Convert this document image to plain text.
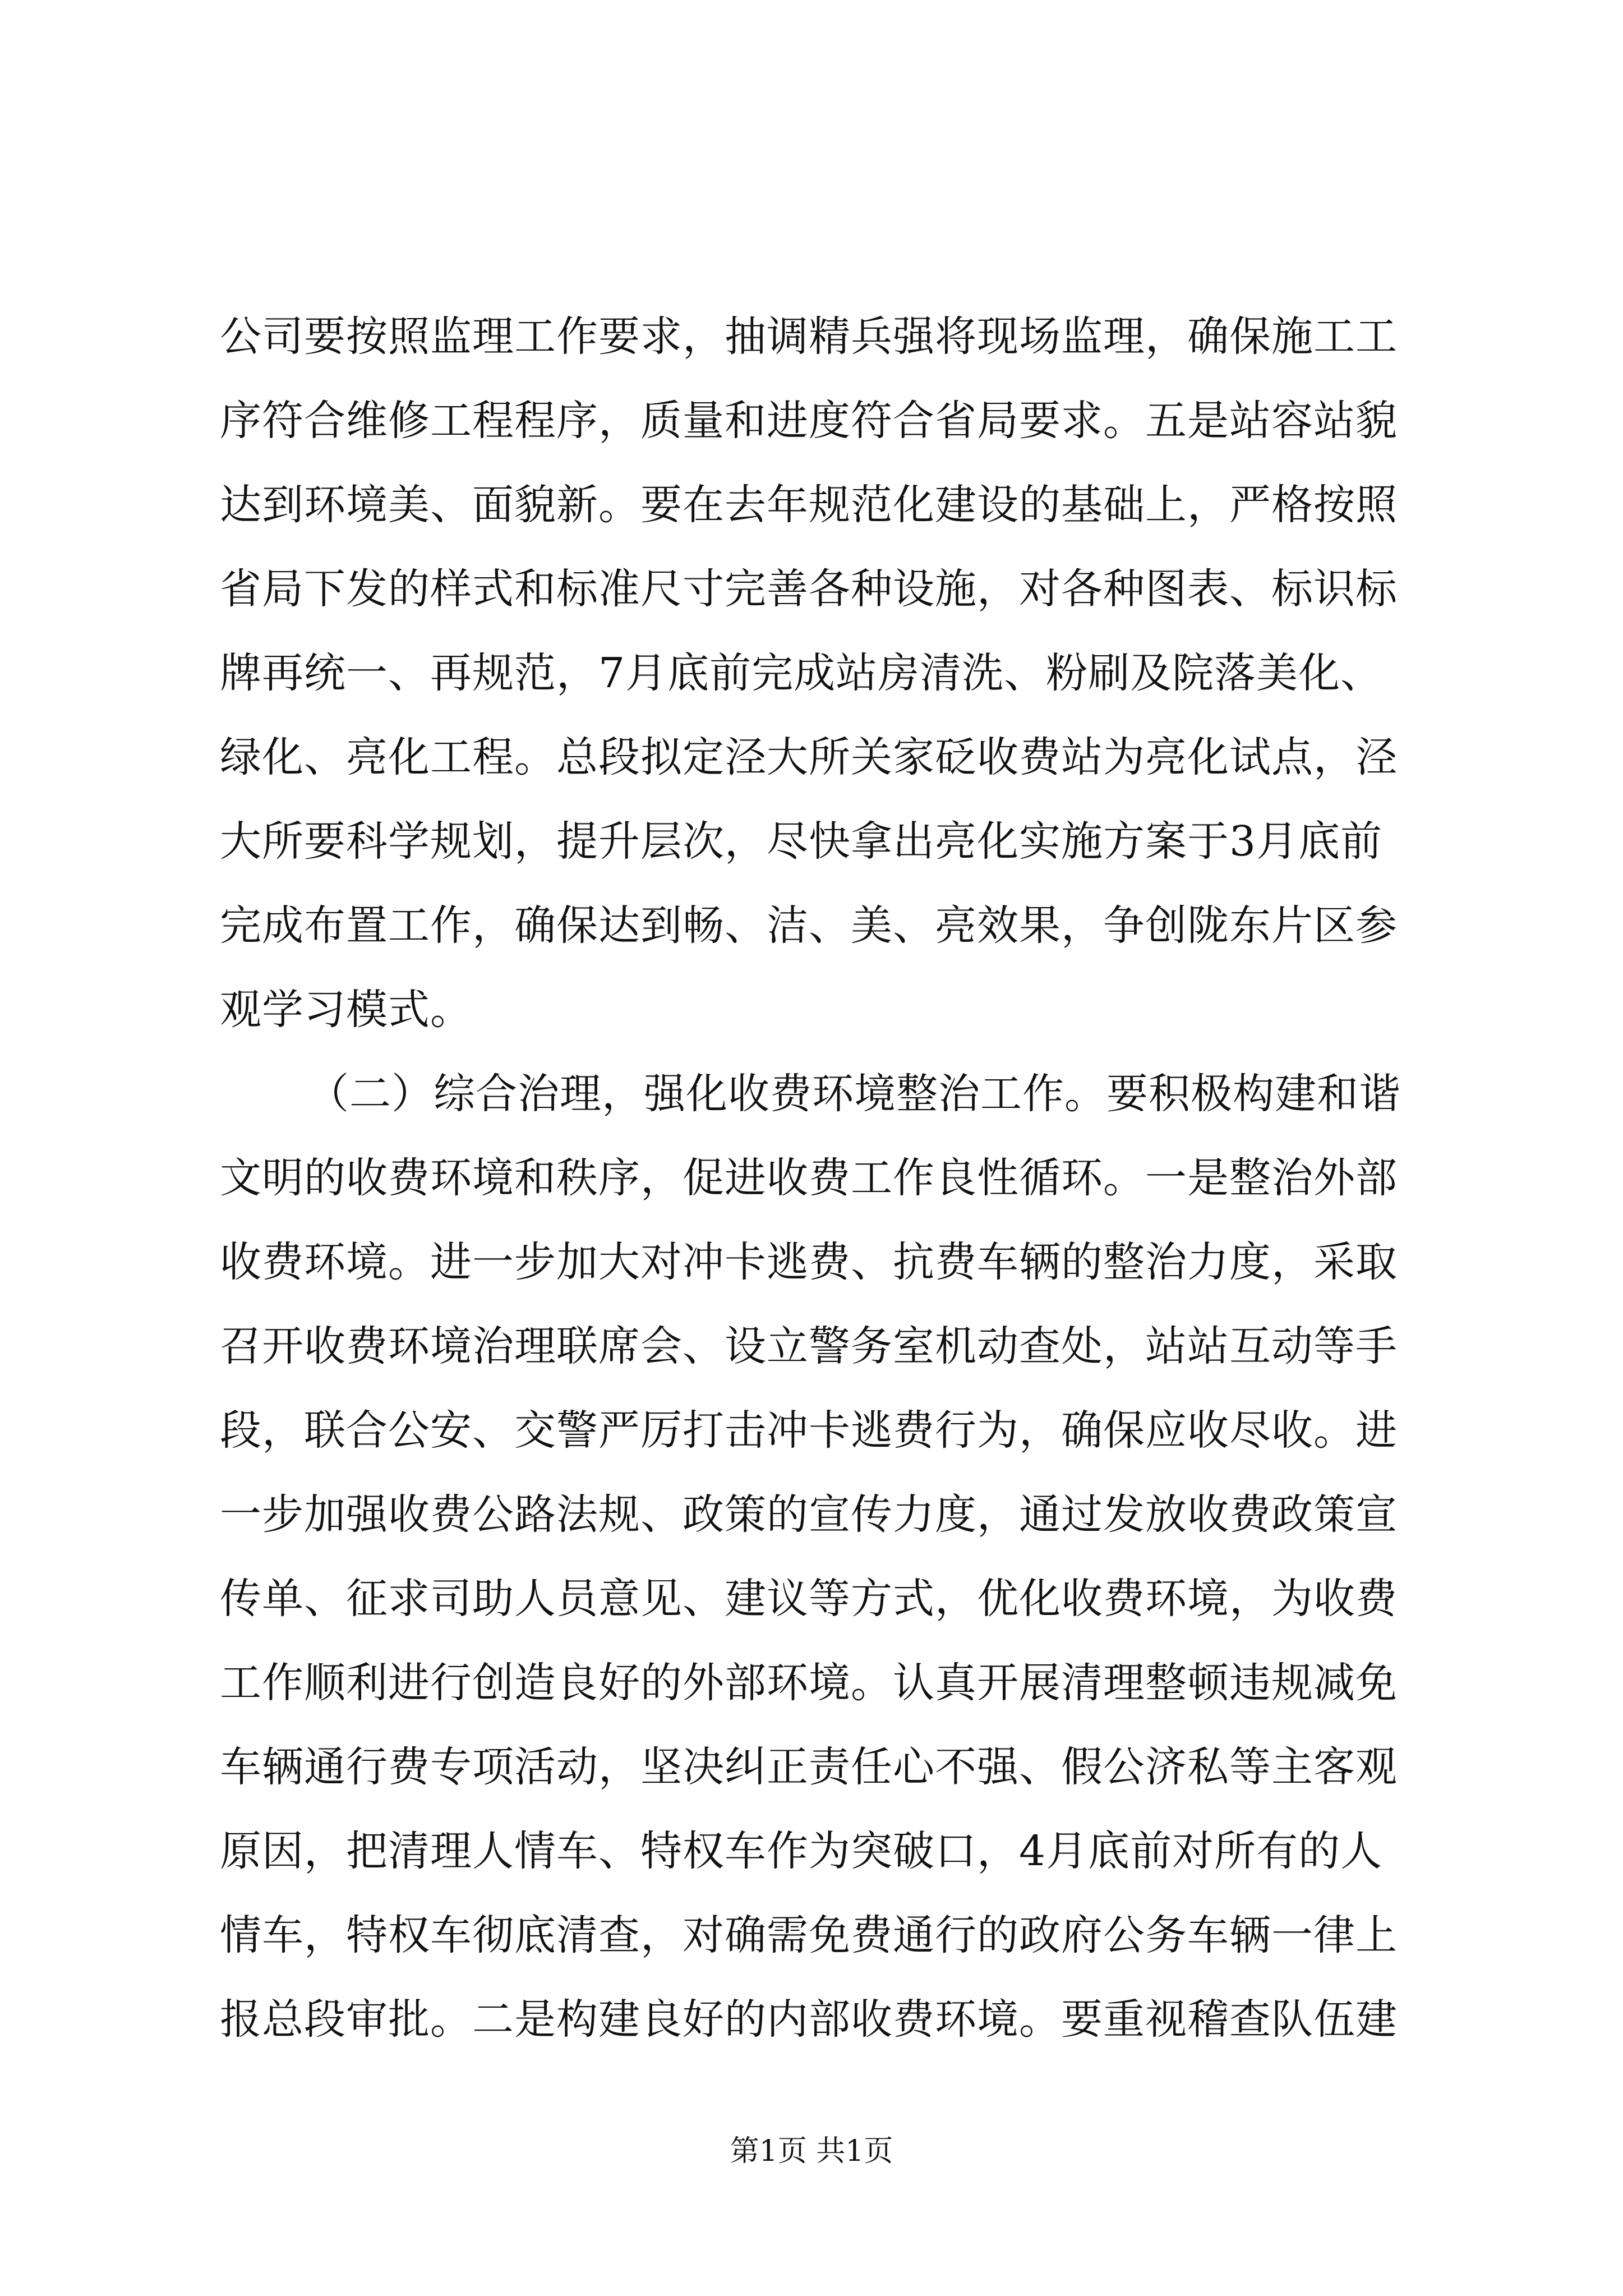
公司要按照监理工作要求，抽调精兵强将现场监理，确保施工工
序符合维修工程程序，质量和进度符合省局要求。五是站容站貌
达到环境美、面貌新。要在去年规范化建设的基础上，严格按照
省局下发的样式和标准尺寸完善各种设施，对各种图表、标识标
牌再统一、再规范，7月底前完成站房清洗、粉刷及院落美化、
绿化、亮化工程。总段拟定泾大所关家砭收费站为亮化试点，泾
大所要科学规划，提升层次，尽快拿出亮化实施方案于3月底前
完成布置工作，确保达到畅、洁、美、亮效果，争创陇东片区参
观学习模式。
（二）综合治理，强化收费环境整治工作。要积极构建和谐
文明的收费环境和秩序，促进收费工作良性循环。一是整治外部
收费环境。进一步加大对冲卡逃费、抗费车辆的整治力度，采取
召开收费环境治理联席会、设立警务室机动查处，站站互动等手
段，联合公安、交警严厉打击冲卡逃费行为，确保应收尽收。进
一步加强收费公路法规、政策的宣传力度，通过发放收费政策宣
传单、征求司助人员意见、建议等方式，优化收费环境，为收费
工作顺利进行创造良好的外部环境。认真开展清理整顿违规减免
车辆通行费专项活动，坚决纠正责任心不强、假公济私等主客观
原因，把清理人情车、特权车作为突破口，4月底前对所有的人
情车，特权车彻底清查，对确需免费通行的政府公务车辆一律上
报总段审批。二是构建良好的内部收费环境。要重视稽查队伍建
第1页 共1页
